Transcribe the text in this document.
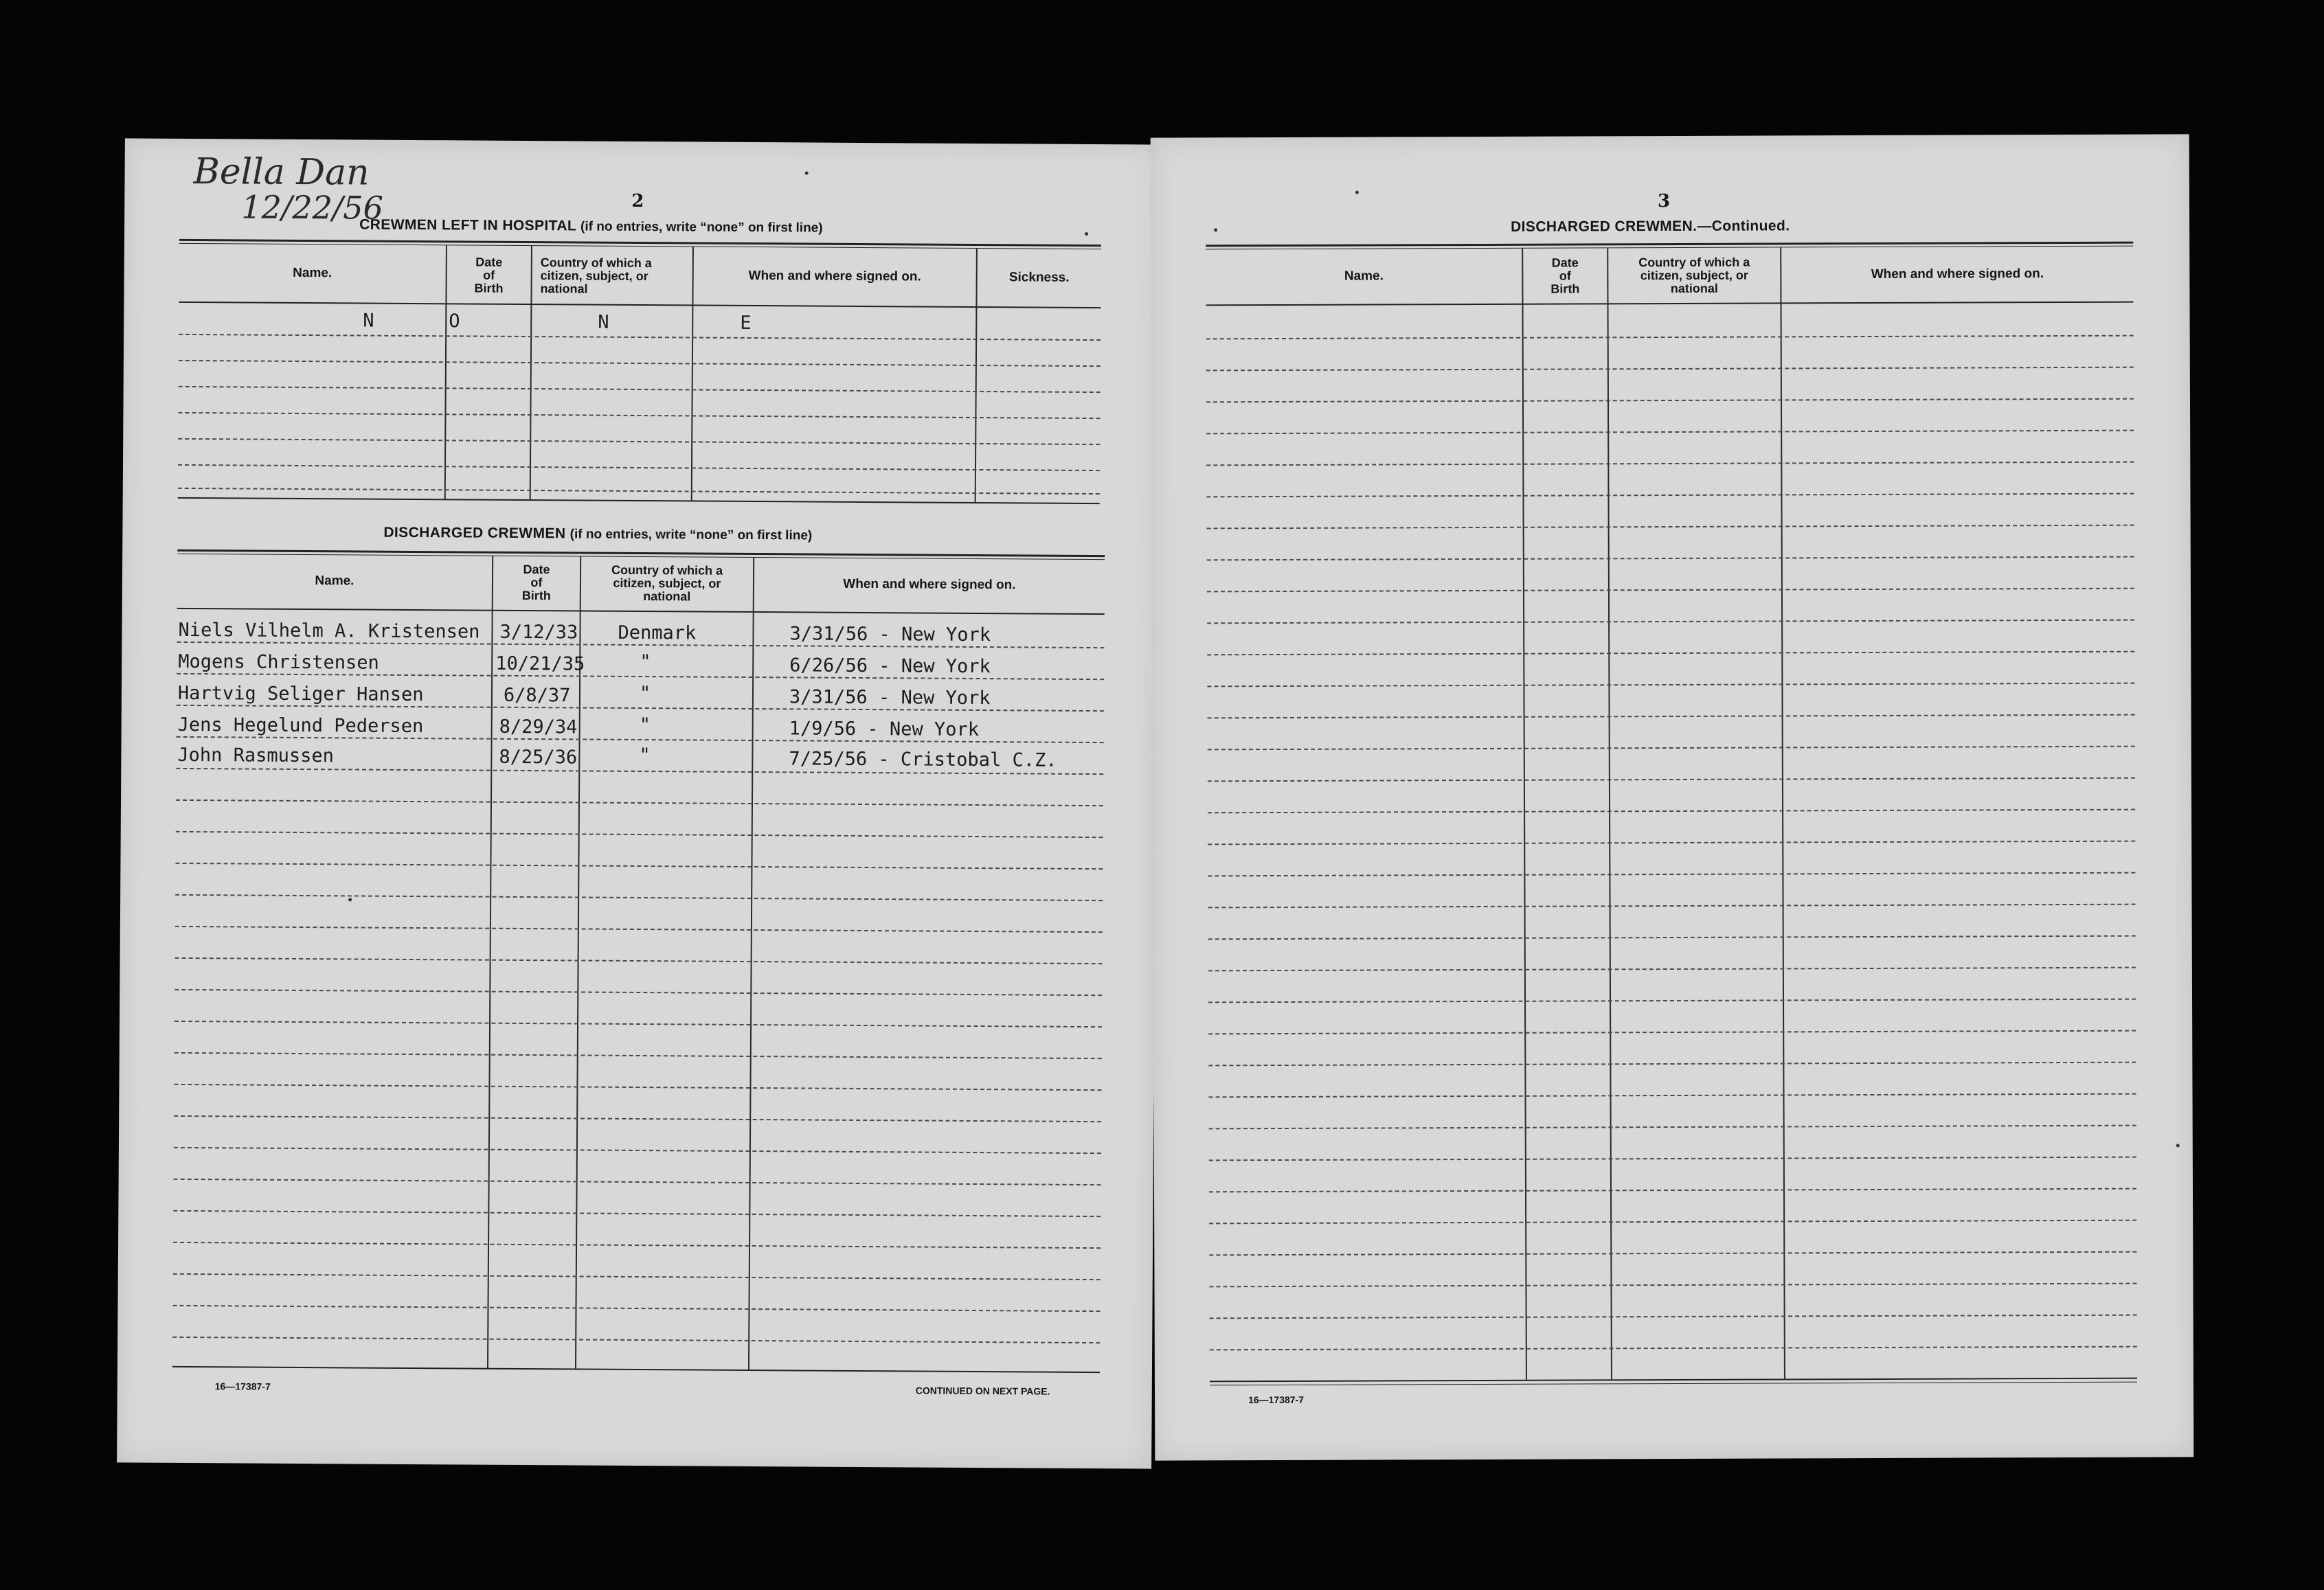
Bella Dan
12/22/56	2
CREWMEN LEFT IN HOSPITAL (if no entries, write “none” on first line)
Name.
Date
of
Birth
Country of which a
citizen, subject, or
national
When and where signed on.	Sickness.
N	O	N	E
DISCHARGED CREWMEN (if no entries, write “none” on first line)
Name.
Date
of
Birth
Country of which a
citizen, subject, or
national
When and where signed on.
Niels Vilhelm A. Kristensen 3/12/33 Denmark	3/31/56 - New York
Mogens Christensen	10/21/35	"	6/26/56 - New York
Hartvig Seliger Hansen	6/8/37	"	3/31/56 - New York
Jens Hegelund Pedersen	8/29/34	"	1/9/56 - New York
John Rasmussen	8/25/36	"	7/25/56 - Cristobal C.Z.
16—17387-7	CONTINUED ON NEXT PAGE.
3
DISCHARGED CREWMEN.—Continued.
Name.
Date
of
Birth
Country of which a
citizen, subject, or
national
When and where signed on.
16—17387-7
